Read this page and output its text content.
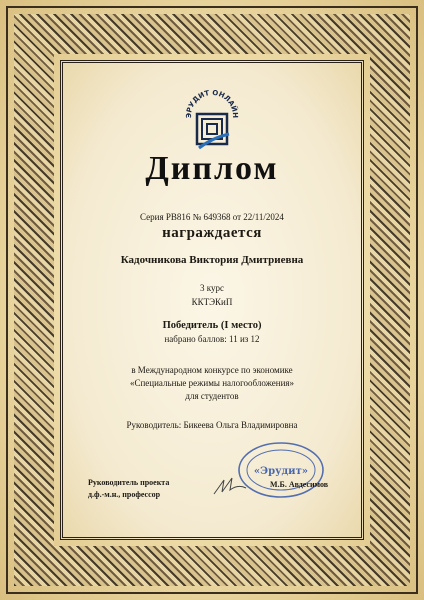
ЭРУДИТ ОНЛАЙН
Диплом
Серия РВ816 № 649368 от 22/11/2024
награждается
Кадочникова Виктория Дмитриевна
3 курс
ККТЭКиП
Победитель (I место)
набрано баллов: 11 из 12
в Международном конкурсе по экономике
«Специальные режимы налогообложения»
для студентов
Руководитель: Бикеева Ольга Владимировна
Руководитель проекта
д.ф.-м.н., профессор
«Эрудит»
М.Б. Авдесимов
